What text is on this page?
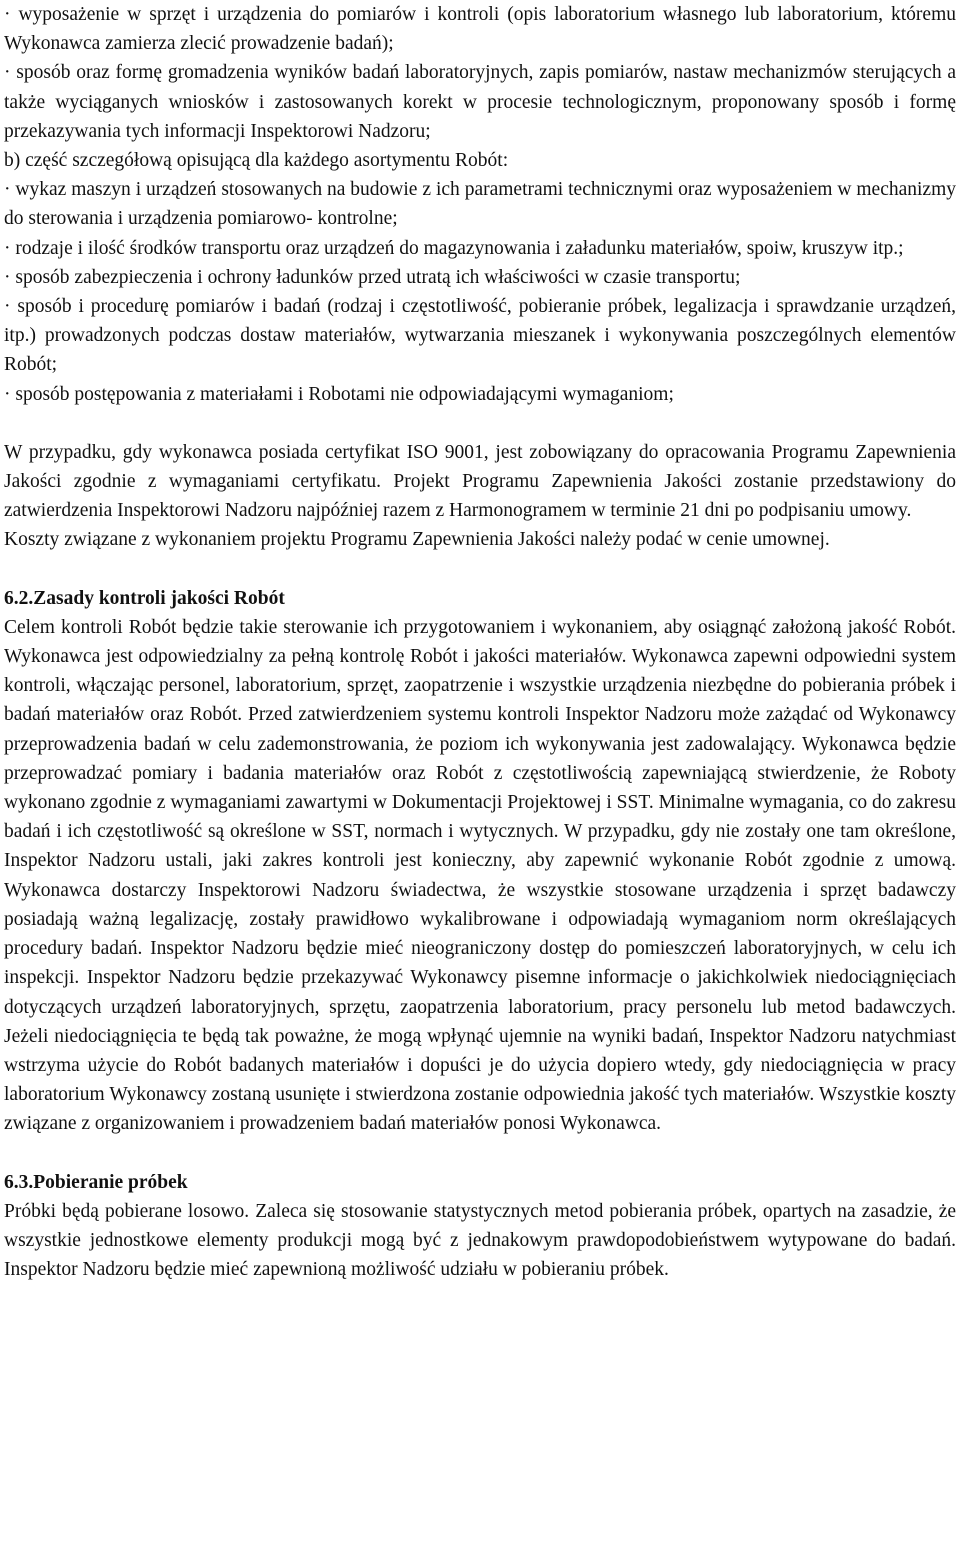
· wyposażenie w sprzęt i urządzenia do pomiarów i kontroli (opis laboratorium własnego lub laboratorium, któremu Wykonawca zamierza zlecić prowadzenie badań);

· sposób oraz formę gromadzenia wyników badań laboratoryjnych, zapis pomiarów, nastaw mechanizmów sterujących a także wyciąganych wniosków i zastosowanych korekt w procesie technologicznym, proponowany sposób i formę przekazywania tych informacji Inspektorowi Nadzoru;

b) część szczegółową opisującą dla każdego asortymentu Robót:

· wykaz maszyn i urządzeń stosowanych na budowie z ich parametrami technicznymi oraz wyposażeniem w mechanizmy do sterowania i urządzenia pomiarowo- kontrolne;

· rodzaje i ilość środków transportu oraz urządzeń do magazynowania i załadunku materiałów, spoiw, kruszyw itp.;

· sposób zabezpieczenia i ochrony ładunków przed utratą ich właściwości w czasie transportu;

· sposób i procedurę pomiarów i badań (rodzaj i częstotliwość, pobieranie próbek, legalizacja i sprawdzanie urządzeń, itp.) prowadzonych podczas dostaw materiałów, wytwarzania mieszanek i wykonywania poszczególnych elementów Robót;

· sposób postępowania z materiałami i Robotami nie odpowiadającymi wymaganiom;

W przypadku, gdy wykonawca posiada certyfikat ISO 9001, jest zobowiązany do opracowania Programu Zapewnienia Jakości zgodnie z wymaganiami certyfikatu. Projekt Programu Zapewnienia Jakości zostanie przedstawiony do zatwierdzenia Inspektorowi Nadzoru najpóźniej razem z Harmonogramem w terminie 21 dni po podpisaniu umowy.

Koszty związane z wykonaniem projektu Programu Zapewnienia Jakości należy podać w cenie umownej.

6.2.Zasady kontroli jakości Robót

Celem kontroli Robót będzie takie sterowanie ich przygotowaniem i wykonaniem, aby osiągnąć założoną jakość Robót. Wykonawca jest odpowiedzialny za pełną kontrolę Robót i jakości materiałów. Wykonawca zapewni odpowiedni system kontroli, włączając personel, laboratorium, sprzęt, zaopatrzenie i wszystkie urządzenia niezbędne do pobierania próbek i badań materiałów oraz Robót. Przed zatwierdzeniem systemu kontroli Inspektor Nadzoru może zażądać od Wykonawcy przeprowadzenia badań w celu zademonstrowania, że poziom ich wykonywania jest zadowalający. Wykonawca będzie przeprowadzać pomiary i badania materiałów oraz Robót z częstotliwością zapewniającą stwierdzenie, że Roboty wykonano zgodnie z wymaganiami zawartymi w Dokumentacji Projektowej i SST. Minimalne wymagania, co do zakresu badań i ich częstotliwość są określone w SST, normach i wytycznych. W przypadku, gdy nie zostały one tam określone, Inspektor Nadzoru ustali, jaki zakres kontroli jest konieczny, aby zapewnić wykonanie Robót zgodnie z umową. Wykonawca dostarczy Inspektorowi Nadzoru świadectwa, że wszystkie stosowane urządzenia i sprzęt badawczy posiadają ważną legalizację, zostały prawidłowo wykalibrowane i odpowiadają wymaganiom norm określających procedury badań. Inspektor Nadzoru będzie mieć nieograniczony dostęp do pomieszczeń laboratoryjnych, w celu ich inspekcji. Inspektor Nadzoru będzie przekazywać Wykonawcy pisemne informacje o jakichkolwiek niedociągnięciach dotyczących urządzeń laboratoryjnych, sprzętu, zaopatrzenia laboratorium, pracy personelu lub metod badawczych. Jeżeli niedociągnięcia te będą tak poważne, że mogą wpłynąć ujemnie na wyniki badań, Inspektor Nadzoru natychmiast wstrzyma użycie do Robót badanych materiałów i dopuści je do użycia dopiero wtedy, gdy niedociągnięcia w pracy laboratorium Wykonawcy zostaną usunięte i stwierdzona zostanie odpowiednia jakość tych materiałów. Wszystkie koszty związane z organizowaniem i prowadzeniem badań materiałów ponosi Wykonawca.

6.3.Pobieranie próbek

Próbki będą pobierane losowo. Zaleca się stosowanie statystycznych metod pobierania próbek, opartych na zasadzie, że wszystkie jednostkowe elementy produkcji mogą być z jednakowym prawdopodobieństwem wytypowane do badań. Inspektor Nadzoru będzie mieć zapewnioną możliwość udziału w pobieraniu próbek.
